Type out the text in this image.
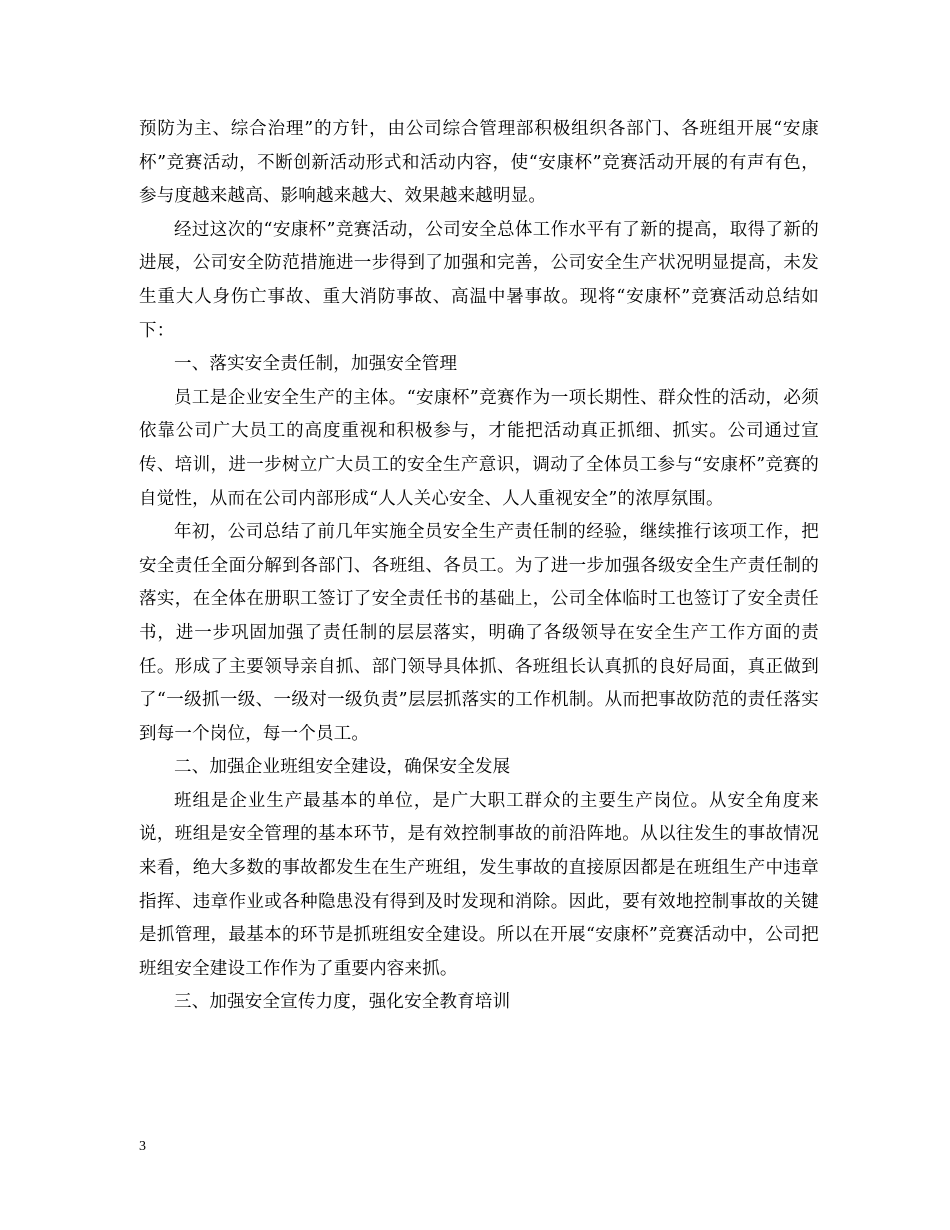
预防为主、综合治理”的方针，由公司综合管理部积极组织各部门、各班组开展“安康杯”竞赛活动，不断创新活动形式和活动内容，使“安康杯”竞赛活动开展的有声有色，参与度越来越高、影响越来越大、效果越来越明显。

经过这次的“安康杯”竞赛活动，公司安全总体工作水平有了新的提高，取得了新的进展，公司安全防范措施进一步得到了加强和完善，公司安全生产状况明显提高，未发生重大人身伤亡事故、重大消防事故、高温中暑事故。现将“安康杯”竞赛活动总结如下：

一、落实安全责任制，加强安全管理

员工是企业安全生产的主体。“安康杯”竞赛作为一项长期性、群众性的活动，必须依靠公司广大员工的高度重视和积极参与，才能把活动真正抓细、抓实。公司通过宣传、培训，进一步树立广大员工的安全生产意识，调动了全体员工参与“安康杯”竞赛的自觉性，从而在公司内部形成“人人关心安全、人人重视安全”的浓厚氛围。

年初，公司总结了前几年实施全员安全生产责任制的经验，继续推行该项工作，把安全责任全面分解到各部门、各班组、各员工。为了进一步加强各级安全生产责任制的落实，在全体在册职工签订了安全责任书的基础上，公司全体临时工也签订了安全责任书，进一步巩固加强了责任制的层层落实，明确了各级领导在安全生产工作方面的责任。形成了主要领导亲自抓、部门领导具体抓、各班组长认真抓的良好局面，真正做到了“一级抓一级、一级对一级负责”层层抓落实的工作机制。从而把事故防范的责任落实到每一个岗位，每一个员工。

二、加强企业班组安全建设，确保安全发展

班组是企业生产最基本的单位，是广大职工群众的主要生产岗位。从安全角度来说，班组是安全管理的基本环节，是有效控制事故的前沿阵地。从以往发生的事故情况来看，绝大多数的事故都发生在生产班组，发生事故的直接原因都是在班组生产中违章指挥、违章作业或各种隐患没有得到及时发现和消除。因此，要有效地控制事故的关键是抓管理，最基本的环节是抓班组安全建设。所以在开展“安康杯”竞赛活动中，公司把班组安全建设工作作为了重要内容来抓。

三、加强安全宣传力度，强化安全教育培训

3
